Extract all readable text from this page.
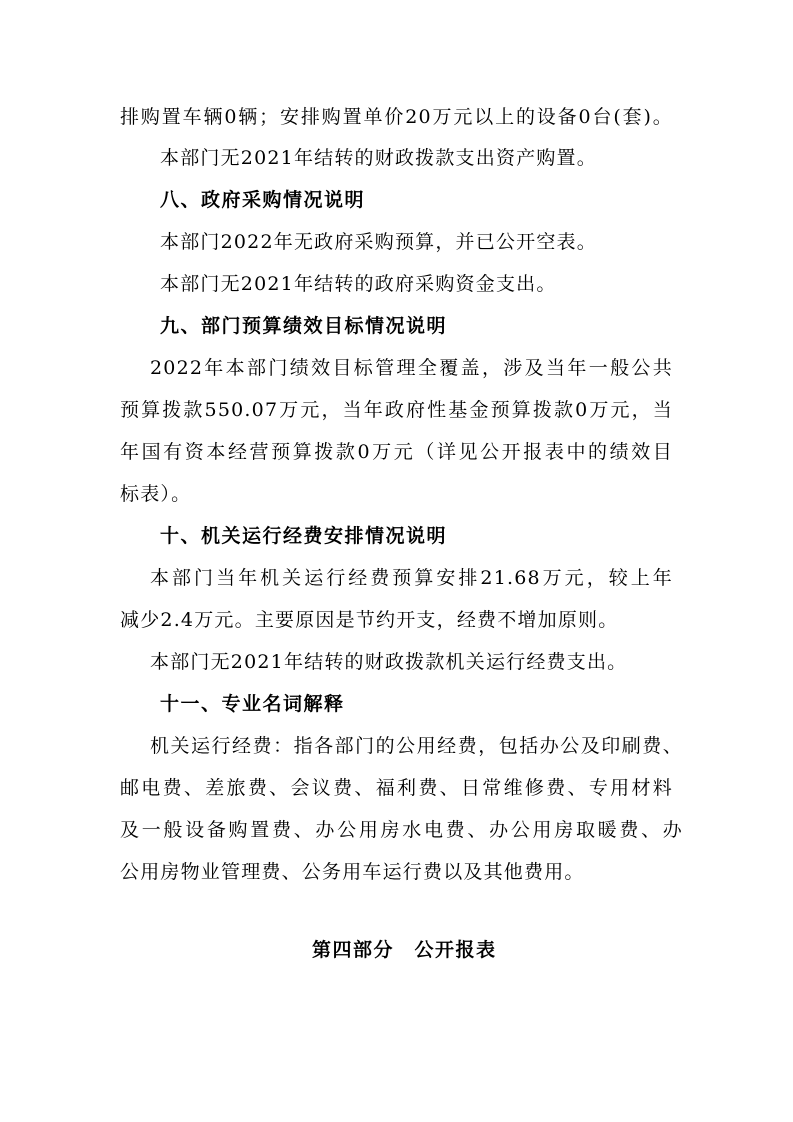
排购置车辆0辆；安排购置单价20万元以上的设备0台(套)。
本部门无2021年结转的财政拨款支出资产购置。
八、政府采购情况说明
本部门2022年无政府采购预算，并已公开空表。
本部门无2021年结转的政府采购资金支出。
九、部门预算绩效目标情况说明
2022年本部门绩效目标管理全覆盖，涉及当年一般公共
预算拨款550.07万元，当年政府性基金预算拨款0万元，当
年国有资本经营预算拨款0万元（详见公开报表中的绩效目
标表）。
十、机关运行经费安排情况说明
本部门当年机关运行经费预算安排21.68万元，较上年
减少2.4万元。主要原因是节约开支，经费不增加原则。
本部门无2021年结转的财政拨款机关运行经费支出。
十一、专业名词解释
机关运行经费：指各部门的公用经费，包括办公及印刷费、
邮电费、差旅费、会议费、福利费、日常维修费、专用材料
及一般设备购置费、办公用房水电费、办公用房取暖费、办
公用房物业管理费、公务用车运行费以及其他费用。
第四部分　公开报表
